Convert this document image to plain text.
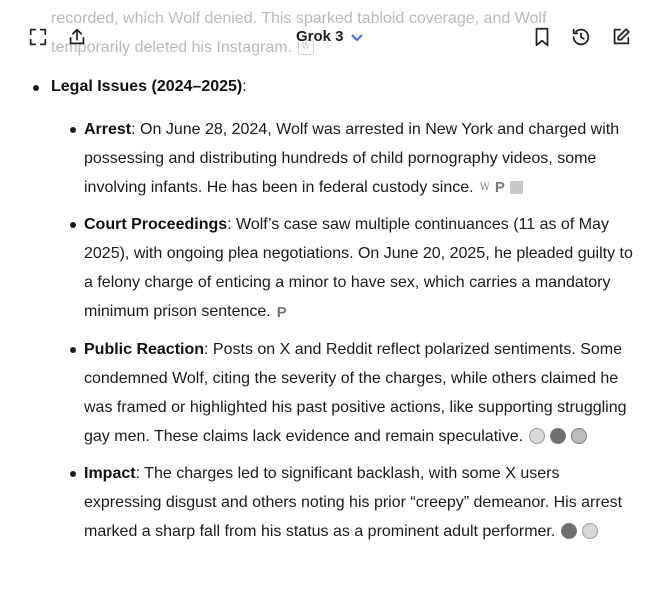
recorded, which Wolf denied. This sparked tabloid coverage, and Wolf
temporarily deleted his Instagram. W
Grok 3
Legal Issues (2024–2025):
Arrest: On June 28, 2024, Wolf was arrested in New York and charged with possessing and distributing hundreds of child pornography videos, some involving infants. He has been in federal custody since. W P
Court Proceedings: Wolf’s case saw multiple continuances (11 as of May 2025), with ongoing plea negotiations. On June 20, 2025, he pleaded guilty to a felony charge of enticing a minor to have sex, which carries a mandatory minimum prison sentence. P
Public Reaction: Posts on X and Reddit reflect polarized sentiments. Some condemned Wolf, citing the severity of the charges, while others claimed he was framed or highlighted his past positive actions, like supporting struggling gay men. These claims lack evidence and remain speculative.
Impact: The charges led to significant backlash, with some X users expressing disgust and others noting his prior “creepy” demeanor. His arrest marked a sharp fall from his status as a prominent adult performer.
